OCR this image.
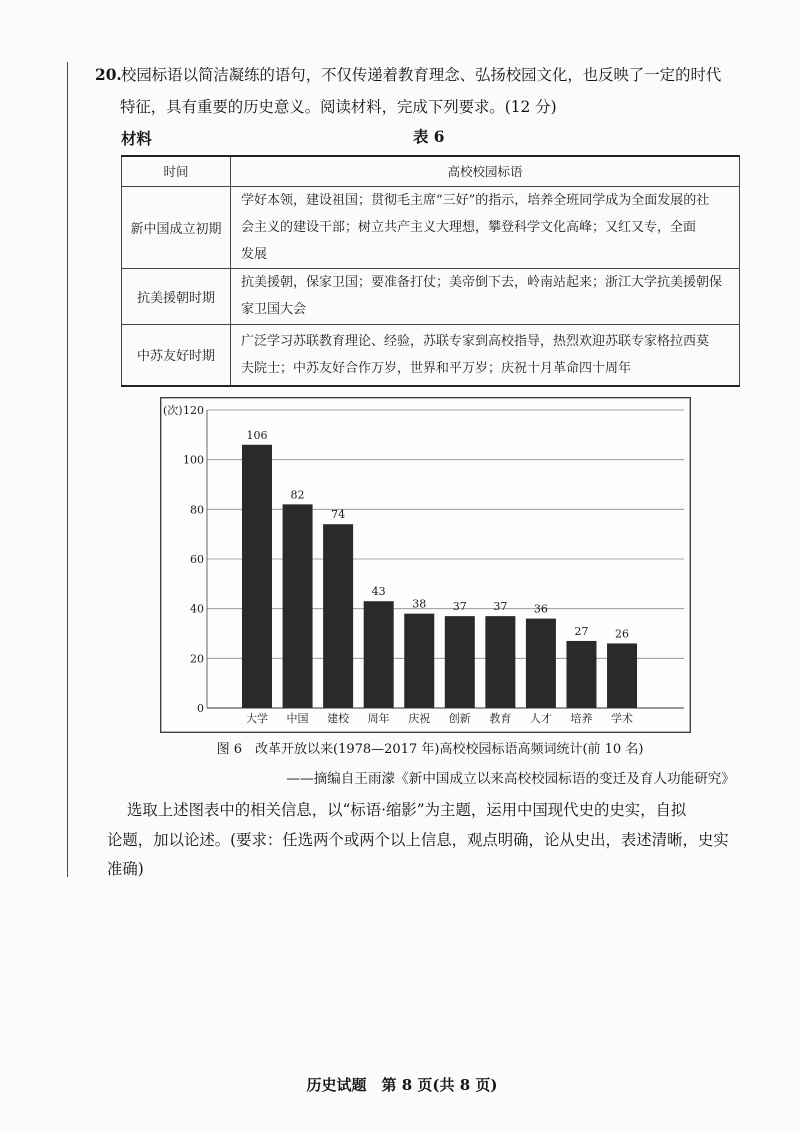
20. 校园标语以简洁凝练的语句，不仅传递着教育理念、弘扬校园文化，也反映了一定的时代
特征，具有重要的历史意义。阅读材料，完成下列要求。(12 分)
材料	表 6
时间	高校校园标语
新中国成立初期	学好本领，建设祖国；贯彻毛主席“三好”的指示，培养全班同学成为全面发展的社
会主义的建设干部；树立共产主义大理想，攀登科学文化高峰；又红又专，全面
发展

抗美援朝时期	抗美援朝，保家卫国；要准备打仗；美帝倒下去，岭南站起来；浙江大学抗美援朝保
家卫国大会

中苏友好时期	广泛学习苏联教育理论、经验，苏联专家到高校指导，热烈欢迎苏联专家格拉西莫
夫院士；中苏友好合作万岁，世界和平万岁；庆祝十月革命四十周年
(次)
0
20
40
60
80
100
120
106
大学
82
中国
74
建校
43
周年
38
庆祝
37
创新
37
教育
36
人才
27
培养
26
学术
图 6　改革开放以来(1978—2017 年)高校校园标语高频词统计(前 10 名)
——摘编自王雨濛《新中国成立以来高校校园标语的变迁及育人功能研究》
选取上述图表中的相关信息，以“标语·缩影”为主题，运用中国现代史的史实，自拟
论题，加以论述。(要求：任选两个或两个以上信息，观点明确，论从史出，表述清晰，史实
准确)
历史试题　第 8 页(共 8 页)
